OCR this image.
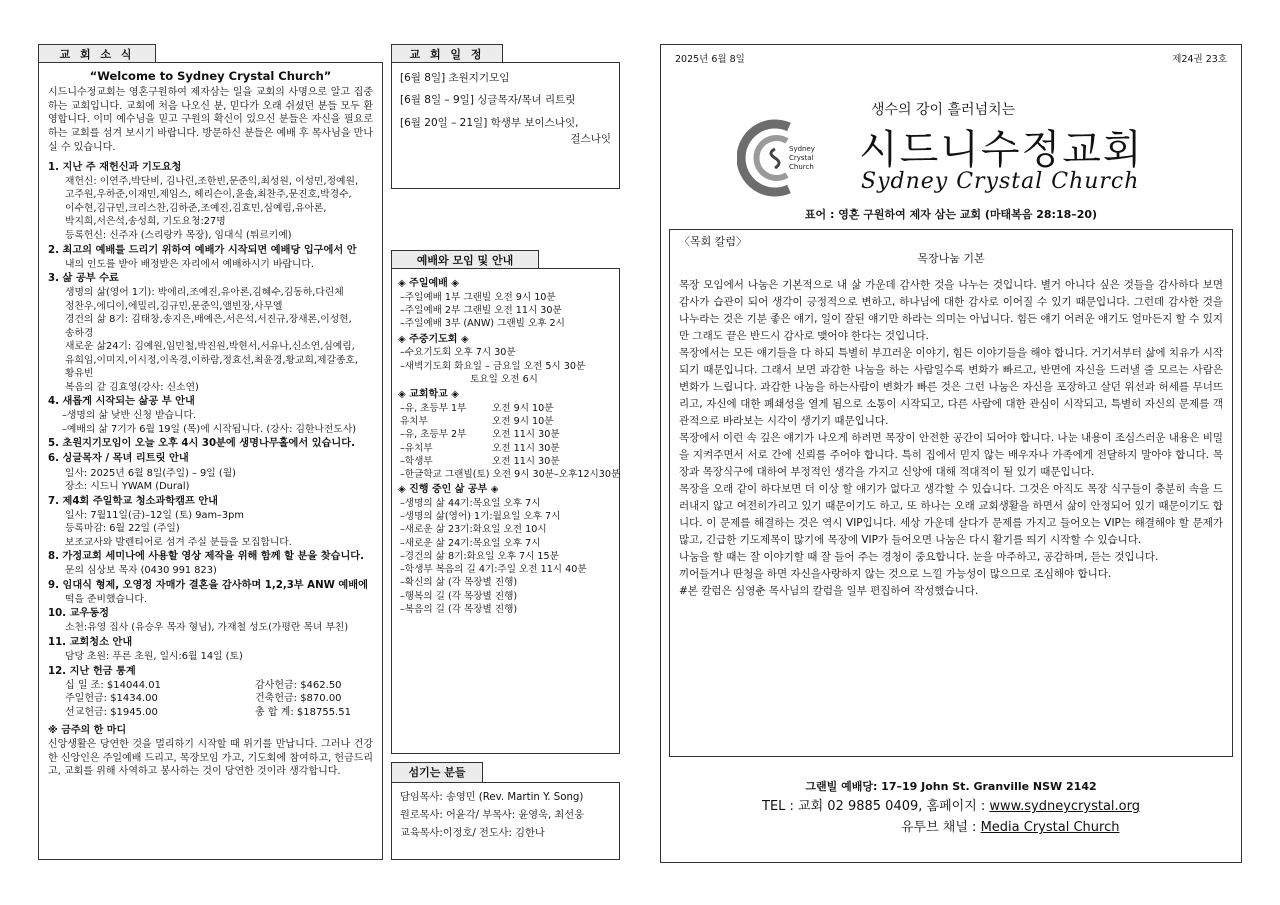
교 회 소 식
“Welcome to Sydney Crystal Church”
시드니수정교회는 영혼구원하여 제자삼는 일을 교회의 사명으로 알고 집중하는 교회입니다. 교회에 처음 나오신 분, 믿다가 오래 쉬셨던 분들 모두 환영합니다. 이미 예수님을 믿고 구원의 확신이 있으신 분들은 자신을 필요로 하는 교회를 섬겨 보시기 바랍니다. 방문하신 분들은 예배 후 목사님을 만나실 수 있습니다.
1. 지난 주 재헌신과 기도요청
재헌신: 이연주,박단비, 김나린,조한빈,문준익,최성원, 이성민,정예원,
고주원,우하준,이재민,제임스, 헤리슨이,윤솔,최찬주,문진호,박경수,
이수현,김규민,크리스찬,김하준,조예진,김효민,심예림,유아론,
박지희,서은석,송성희, 기도요청:27명
등록헌신: 신주자 (스리랑카 목장), 임대식 (튀르키예)
2. 최고의 예배를 드리기 위하여 예배가 시작되면 예배당 입구에서 안
내의 인도를 받아 배정받은 자리에서 예배하시기 바랍니다.
3. 삶 공부 수료
생명의 삶(영어 1기): 박에리,조예진,유아론,김혜수,김동하,다린체
정찬우,에디이,에밀리,김규민,문준익,앨빈장,사무엘
경건의 삶 8기: 김태창,송지은,배예은,서은석,서진규,장새론,이성현,
송하경
새로운 삶24기: 김예원,임민철,박진원,박현서,서유나,신소연,심예림,
유희임,이미지,이시정,이옥경,이하람,정효선,최윤경,황교희,제갈종호,
황유빈
복음의 같 김효영(강사: 신소연)
4. 새롭게 시작되는 삶공 부 안내
–생명의 삶 낮반 신청 받습니다.
–예배의 삶 7기가 6월 19일 (목)에 시작됩니다. (강사: 김한나전도사)
5. 초원지기모임이 오늘 오후 4시 30분에 생명나무홀에서 있습니다.
6. 싱글목자 / 목녀 리트릿 안내
일사: 2025년 6월 8일(주일) – 9일 (월)
장소: 시드니 YWAM (Dural)
7. 제4회 주일학교 청소과학캠프 안내
일사: 7월11일(금)–12일 (토) 9am–3pm
등록마감: 6월 22일 (주일)
보조교사와 발렌티어로 섬겨 주실 분들을 모집합니다.
8. 가정교회 세미나에 사용할 영상 제작을 위해 함께 할 분을 찾습니다.
문의 심상보 목자 (0430 991 823)
9. 임대식 형제, 오영정 자매가 결혼을 감사하며 1,2,3부 ANW 예배에
떡을 준비했습니다.
10. 교우동정
소천:유영 집사 (유승우 목자 형님), 가재철 성도(가평란 목녀 부친)
11. 교회청소 안내
담당 초원: 푸른 초원, 일시:6월 14일 (토)
12. 지난 헌금 통계
십 일 조: $14044.01	감사헌금: $462.50
주일헌금: $1434.00	건축헌금: $870.00
선교헌금: $1945.00	총 합 계: $18755.51
※ 금주의 한 마디
신앙생활은 당연한 것을 멀리하기 시작할 때 위기를 만납니다. 그러나 건강한 신앙인은 주일예배 드리고, 목장모임 가고, 기도회에 참여하고, 헌금드리고, 교회를 위해 사역하고 봉사하는 것이 당연한 것이라 생각합니다.
교 회 일 정
[6월 8일] 초원지기모임
[6월 8일 – 9일] 싱글목자/목녀 리트릿
[6월 20일 – 21일] 학생부 보이스나잇,
걸스나잇
예배와 모임 및 안내
◈ 주일예배 ◈
–주일예배 1부 그랜빌 오전 9시 10분
–주일예배 2부 그랜빌 오전 11시 30분
–주일예배 3부 (ANW) 그랜빌 오후 2시
◈ 주중기도회 ◈
–수요기도회 오후 7시 30분
–새벽기도회 화요일 – 금요일 오전 5시 30분
토요일 오전 6시
◈ 교회학교 ◈
–유, 초등부 1부	오전 9시 10분
유치부	오전 9시 10분
–유, 초등부 2부	오전 11시 30분
–유치부	오전 11시 30분
–학생부	오전 11시 30분
–한글학교 그랜빌(토) 오전 9시 30분–오후12시30분
◈ 진행 중인 삶 공부 ◈
–생명의 삶 44기:목요일 오후 7시
–생명의 삶(영어) 1기:월요일 오후 7시
–새로운 삶 23기:화요일 오전 10시
–새로운 삶 24기:목요일 오후 7시
–경건의 삶 8기:화요일 오후 7시 15분
–학생부 복음의 길 4기:주일 오전 11시 40분
–확신의 삶 (각 목장별 진행)
–행복의 길 (각 목장별 진행)
–복음의 길 (각 목장별 진행)
섬기는 분들
담임목사: 송영민 (Rev. Martin Y. Song)
원로목사: 어윤각/ 부목사: 윤영욱, 최선웅
교육목사:이정호/ 전도사: 김한나
2025년 6월 8일	제24권 23호
Sydney
Crystal
Church
생수의 강이 흘러넘치는
시드니수정교회
Sydney Crystal Church
표어 : 영혼 구원하여 제자 삼는 교회 (마태복음 28:18–20)
〈목회 칼럼〉
목장나눔 기본

목장 모임에서 나눔은 기본적으로 내 삶 가운데 감사한 것을 나누는 것입니다. 별거 아니다 싶은 것들을 감사하다 보면 감사가 습관이 되어 생각이 긍정적으로 변하고, 하나님에 대한 감사로 이어질 수 있기 때문입니다. 그런데 감사한 것을 나누라는 것은 기분 좋은 얘기, 일이 잘된 얘기만 하라는 의미는 아닙니다. 힘든 얘기 어려운 얘기도 얼마든지 할 수 있지만 그래도 끝은 반드시 감사로 맺어야 한다는 것입니다.

목장에서는 모든 얘기들을 다 하되 특별히 부끄러운 이야기, 힘든 이야기들을 해야 합니다. 거기서부터 삶에 치유가 시작되기 때문입니다. 그래서 보면 과감한 나눔을 하는 사람일수록 변화가 빠르고, 반면에 자신을 드러낼 줄 모르는 사람은 변화가 느립니다. 과감한 나눔을 하는사람이 변화가 빠른 것은 그런 나눔은 자신을 포장하고 살던 위선과 허세를 무너뜨리고, 자신에 대한 폐쇄성을 열게 됨으로 소통이 시작되고, 다른 사람에 대한 관심이 시작되고, 특별히 자신의 문제를 객관적으로 바라보는 시각이 생기기 때문입니다.

목장에서 이런 속 깊은 얘기가 나오게 하려면 목장이 안전한 공간이 되어야 합니다. 나눈 내용이 조심스러운 내용은 비밀을 지켜주면서 서로 간에 신뢰를 주어야 합니다. 특히 집에서 믿지 않는 배우자나 가족에게 전달하지 말아야 합니다. 목장과 목장식구에 대하여 부정적인 생각을 가지고 신앙에 대해 적대적이 될 있기 때문입니다.

목장을 오래 같이 하다보면 더 이상 할 얘기가 없다고 생각할 수 있습니다. 그것은 아직도 목장 식구들이 충분히 속을 드러내지 않고 여전히가리고 있기 때문이기도 하고, 또 하나는 오래 교회생활을 하면서 삶이 안정되어 있기 때문이기도 합니다. 이 문제를 해결하는 것은 역시 VIP입니다. 세상 가운데 살다가 문제를 가지고 들어오는 VIP는 해결해야 할 문제가 많고, 긴급한 기도제목이 많기에 목장에 VIP가 들어오면 나눔은 다시 활기를 띄기 시작할 수 있습니다.

나눔을 할 때는 잘 이야기할 때 잘 들어 주는 경청이 중요합니다. 눈을 마주하고, 공감하며, 듣는 것입니다.

끼어들거나 딴청을 하면 자신을사랑하지 않는 것으로 느낄 가능성이 많으므로 조심해야 합니다.

#본 칼럼은 심영춘 목사님의 칼럼을 일부 편집하여 작성했습니다.

그랜빌 예배당: 17–19 John St. Granville NSW 2142
TEL : 교회 02 9885 0409, 홈페이지 : www.sydneycrystal.org
유투브 채널 : Media Crystal Church
